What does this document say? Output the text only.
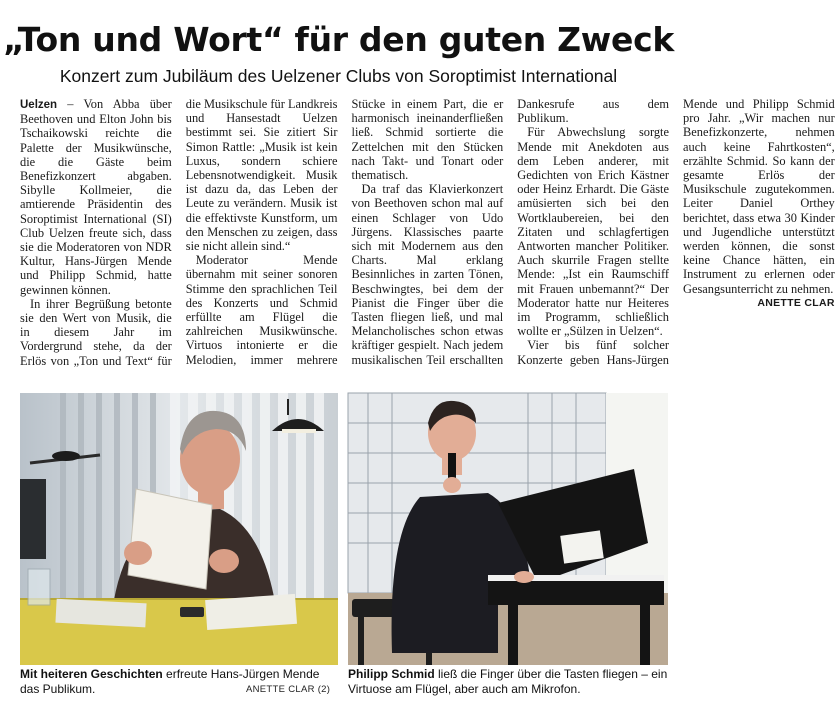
„Ton und Wort“ für den guten Zweck
Konzert zum Jubiläum des Uelzener Clubs von Soroptimist International

Uelzen – Von Abba über Beethoven und Elton John bis Tschaikowski reichte die Palette der Musikwünsche, die die Gäste beim Benefizkonzert abgaben. Sibylle Kollmeier, die amtierende Präsidentin des Soroptimist International (SI) Club Uelzen freute sich, dass sie die Moderatoren von NDR Kultur, Hans-Jürgen Mende und Philipp Schmid, hatte gewinnen können.

In ihrer Begrüßung betonte sie den Wert von Musik, die in diesem Jahr im Vordergrund stehe, da der Erlös von „Ton und Text“ für die Musikschule für Landkreis und Hansestadt Uelzen bestimmt sei. Sie zitiert Sir Simon Rattle: „Musik ist kein Luxus, sondern schiere Lebensnotwendigkeit. Musik ist dazu da, das Leben der Leute zu verändern. Musik ist die effektivste Kunstform, um den Menschen zu zeigen, dass sie nicht allein sind.“

Moderator Mende übernahm mit seiner sonoren Stimme den sprachlichen Teil des Konzerts und Schmid erfüllte am Flügel die zahlreichen Musikwünsche. Virtuos intonierte er die Melodien, immer mehrere Stücke in einem Part, die er harmonisch ineinanderfließen ließ. Schmid sortierte die Zettelchen mit den Stücken nach Takt- und Tonart oder thematisch.

Da traf das Klavierkonzert von Beethoven schon mal auf einen Schlager von Udo Jürgens. Klassisches paarte sich mit Modernem aus den Charts. Mal erklang Besinnliches in zarten Tönen, Beschwingtes, bei dem der Pianist die Finger über die Tasten fliegen ließ, und mal Melancholisches schon etwas kräftiger gespielt. Nach jedem musikalischen Teil erschallten Dankesrufe aus dem Publikum.

Für Abwechslung sorgte Mende mit Anekdoten aus dem Leben anderer, mit Gedichten von Erich Kästner oder Heinz Erhardt. Die Gäste amüsierten sich bei den Wortklaubereien, bei den Zitaten und schlagfertigen Antworten mancher Politiker. Auch skurrile Fragen stellte Mende: „Ist ein Raumschiff mit Frauen unbemannt?“ Der Moderator hatte nur Heiteres im Programm, schließlich wollte er „Sülzen in Uelzen“.

Vier bis fünf solcher Konzerte geben Hans-Jürgen Mende und Philipp Schmid pro Jahr. „Wir machen nur Benefizkonzerte, nehmen auch keine Fahrtkosten“, erzählte Schmid. So kann der gesamte Erlös der Musikschule zugutekommen. Leiter Daniel Orthey berichtet, dass etwa 30 Kinder und Jugendliche unterstützt werden können, die sonst keine Chance hätten, ein Instrument zu erlernen oder Gesangsunterricht zu nehmen.
ANETTE CLAR

Mit heiteren Geschichten erfreute Hans-Jürgen Mende das Publikum.	ANETTE CLAR (2)
Philipp Schmid ließ die Finger über die Tasten fliegen – ein Virtuose am Flügel, aber auch am Mikrofon.
